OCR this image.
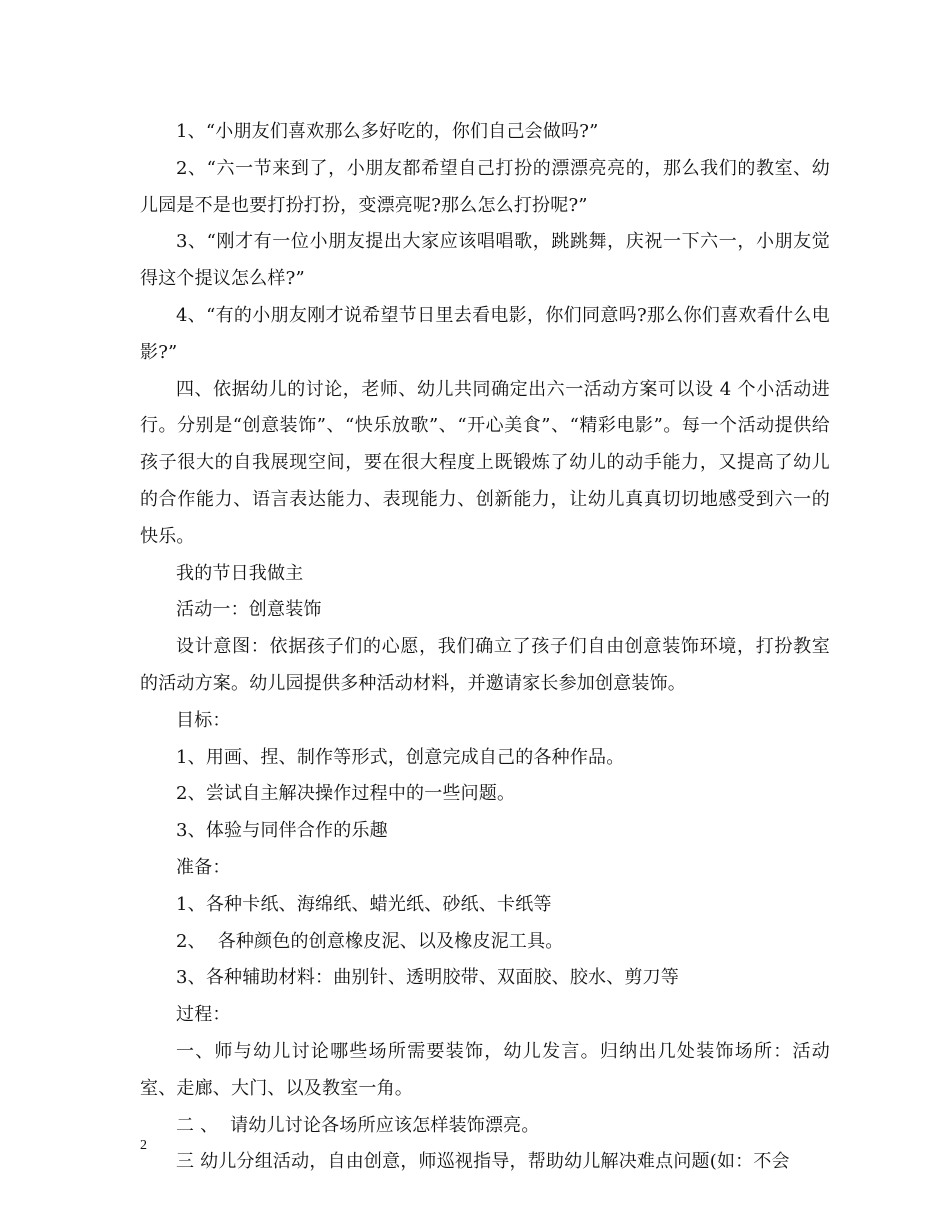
1、“小朋友们喜欢那么多好吃的，你们自己会做吗?”

2、“六一节来到了，小朋友都希望自己打扮的漂漂亮亮的，那么我们的教室、幼儿园是不是也要打扮打扮，变漂亮呢?那么怎么打扮呢?”

3、“刚才有一位小朋友提出大家应该唱唱歌，跳跳舞，庆祝一下六一，小朋友觉得这个提议怎么样?”

4、“有的小朋友刚才说希望节日里去看电影，你们同意吗?那么你们喜欢看什么电影?”

四、依据幼儿的讨论，老师、幼儿共同确定出六一活动方案可以设 4 个小活动进行。分别是“创意装饰”、“快乐放歌”、“开心美食”、“精彩电影”。每一个活动提供给孩子很大的自我展现空间，要在很大程度上既锻炼了幼儿的动手能力，又提高了幼儿的合作能力、语言表达能力、表现能力、创新能力，让幼儿真真切切地感受到六一的快乐。

我的节日我做主

活动一：创意装饰

设计意图：依据孩子们的心愿，我们确立了孩子们自由创意装饰环境，打扮教室的活动方案。幼儿园提供多种活动材料，并邀请家长参加创意装饰。

目标：

1、用画、捏、制作等形式，创意完成自己的各种作品。

2、尝试自主解决操作过程中的一些问题。

3、体验与同伴合作的乐趣

准备：

1、各种卡纸、海绵纸、蜡光纸、砂纸、卡纸等

2、  各种颜色的创意橡皮泥、以及橡皮泥工具。

3、各种辅助材料：曲别针、透明胶带、双面胶、胶水、剪刀等

过程：

一、师与幼儿讨论哪些场所需要装饰，幼儿发言。归纳出几处装饰场所：活动室、走廊、大门、以及教室一角。

二 、  请幼儿讨论各场所应该怎样装饰漂亮。

三 幼儿分组活动，自由创意，师巡视指导，帮助幼儿解决难点问题(如：不会

2
